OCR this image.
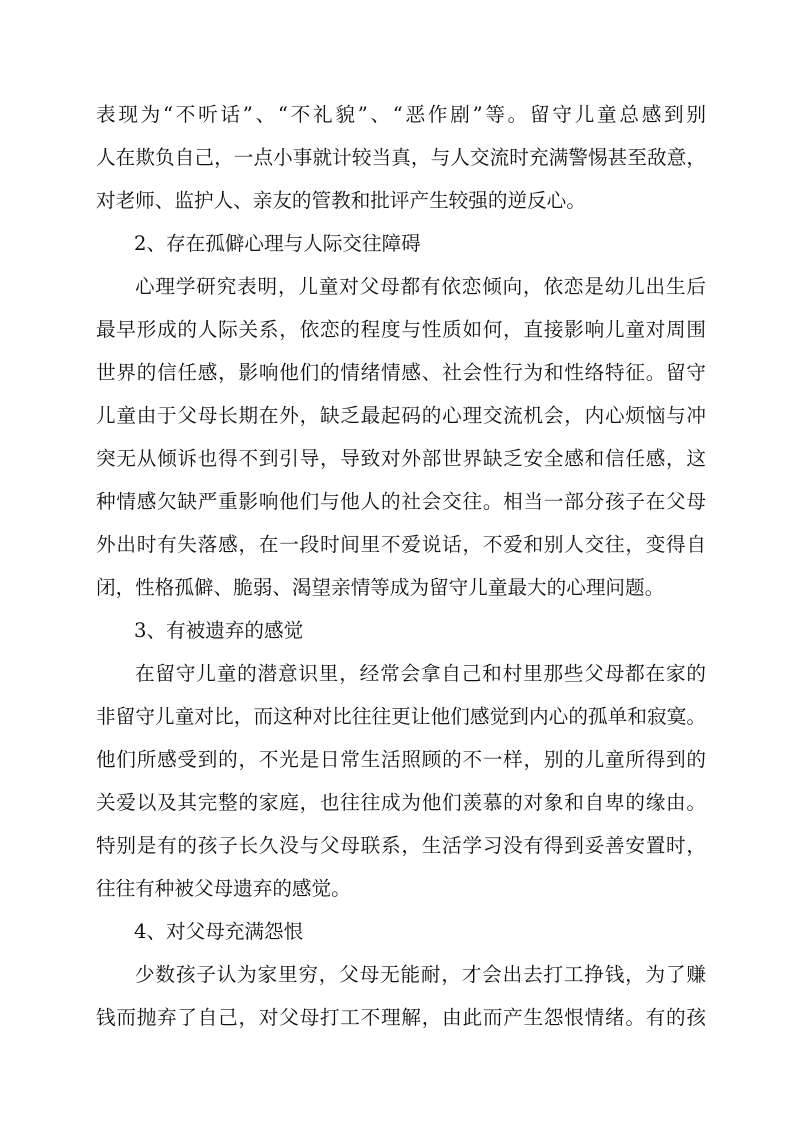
表现为“不听话”、“不礼貌”、“恶作剧”等。留守儿童总感到别
人在欺负自己，一点小事就计较当真，与人交流时充满警惕甚至敌意，
对老师、监护人、亲友的管教和批评产生较强的逆反心。
2、存在孤僻心理与人际交往障碍
心理学研究表明，儿童对父母都有依恋倾向，依恋是幼儿出生后
最早形成的人际关系，依恋的程度与性质如何，直接影响儿童对周围
世界的信任感，影响他们的情绪情感、社会性行为和性络特征。留守
儿童由于父母长期在外，缺乏最起码的心理交流机会，内心烦恼与冲
突无从倾诉也得不到引导，导致对外部世界缺乏安全感和信任感，这
种情感欠缺严重影响他们与他人的社会交往。相当一部分孩子在父母
外出时有失落感，在一段时间里不爱说话，不爱和别人交往，变得自
闭，性格孤僻、脆弱、渴望亲情等成为留守儿童最大的心理问题。
3、有被遗弃的感觉
在留守儿童的潜意识里，经常会拿自己和村里那些父母都在家的
非留守儿童对比，而这种对比往往更让他们感觉到内心的孤单和寂寞。
他们所感受到的，不光是日常生活照顾的不一样，别的儿童所得到的
关爱以及其完整的家庭，也往往成为他们羡慕的对象和自卑的缘由。
特别是有的孩子长久没与父母联系，生活学习没有得到妥善安置时，
往往有种被父母遗弃的感觉。
4、对父母充满怨恨
少数孩子认为家里穷，父母无能耐，才会出去打工挣钱，为了赚
钱而抛弃了自己，对父母打工不理解，由此而产生怨恨情绪。有的孩
